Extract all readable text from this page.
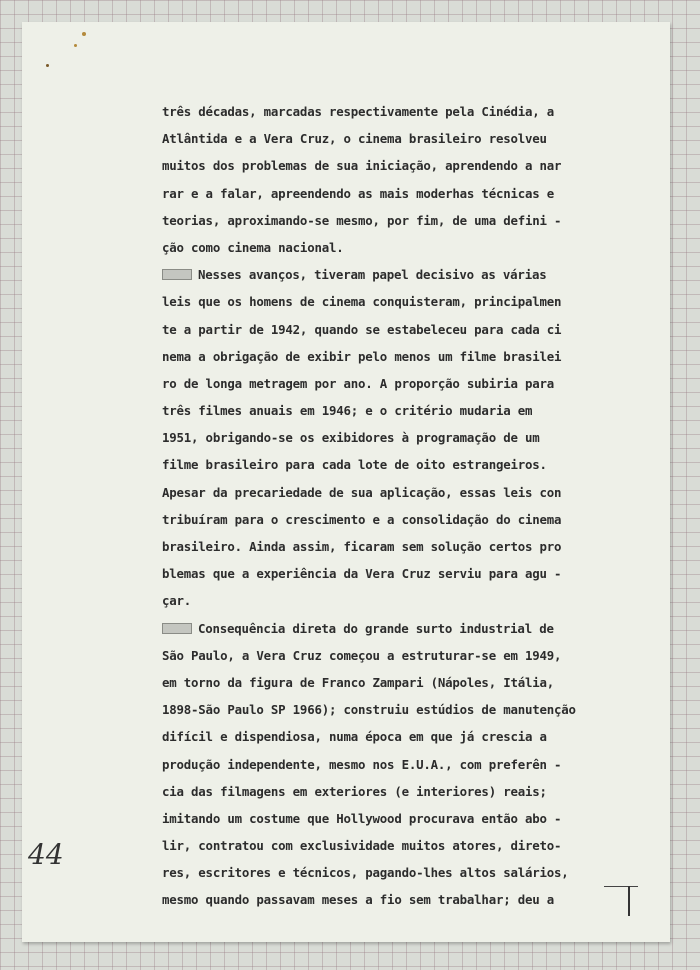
três décadas, marcadas respectivamente pela Cinédia, a
Atlântida e a Vera Cruz, o cinema brasileiro resolveu
muitos dos problemas de sua iniciação, aprendendo a nar
rar e a falar, apreendendo as mais moderhas técnicas e
teorias, aproximando-se mesmo, por fim, de uma defini -
ção como cinema nacional.
Nesses avanços, tiveram papel decisivo as várias
leis que os homens de cinema conquisteram, principalmen
te a partir de 1942, quando se estabeleceu para cada ci
nema a obrigação de exibir pelo menos um filme brasilei
ro de longa metragem por ano. A proporção subiria para
três filmes anuais em 1946; e o critério mudaria em
1951, obrigando-se os exibidores à programação de um
filme brasileiro para cada lote de oito estrangeiros.
Apesar da precariedade de sua aplicação, essas leis con
tribuíram para o crescimento e a consolidação do cinema
brasileiro. Ainda assim, ficaram sem solução certos pro
blemas que a experiência da Vera Cruz serviu para agu -
çar.
Consequência direta do grande surto industrial de
São Paulo, a Vera Cruz começou a estruturar-se em 1949,
em torno da figura de Franco Zampari (Nápoles, Itália,
1898-São Paulo SP 1966); construiu estúdios de manutenção
difícil e dispendiosa, numa época em que já crescia a
produção independente, mesmo nos E.U.A., com preferên -
cia das filmagens em exteriores (e interiores) reais;
imitando um costume que Hollywood procurava então abo -
lir, contratou com exclusividade muitos atores, direto-
res, escritores e técnicos, pagando-lhes altos salários,
mesmo quando passavam meses a fio sem trabalhar; deu a
44
